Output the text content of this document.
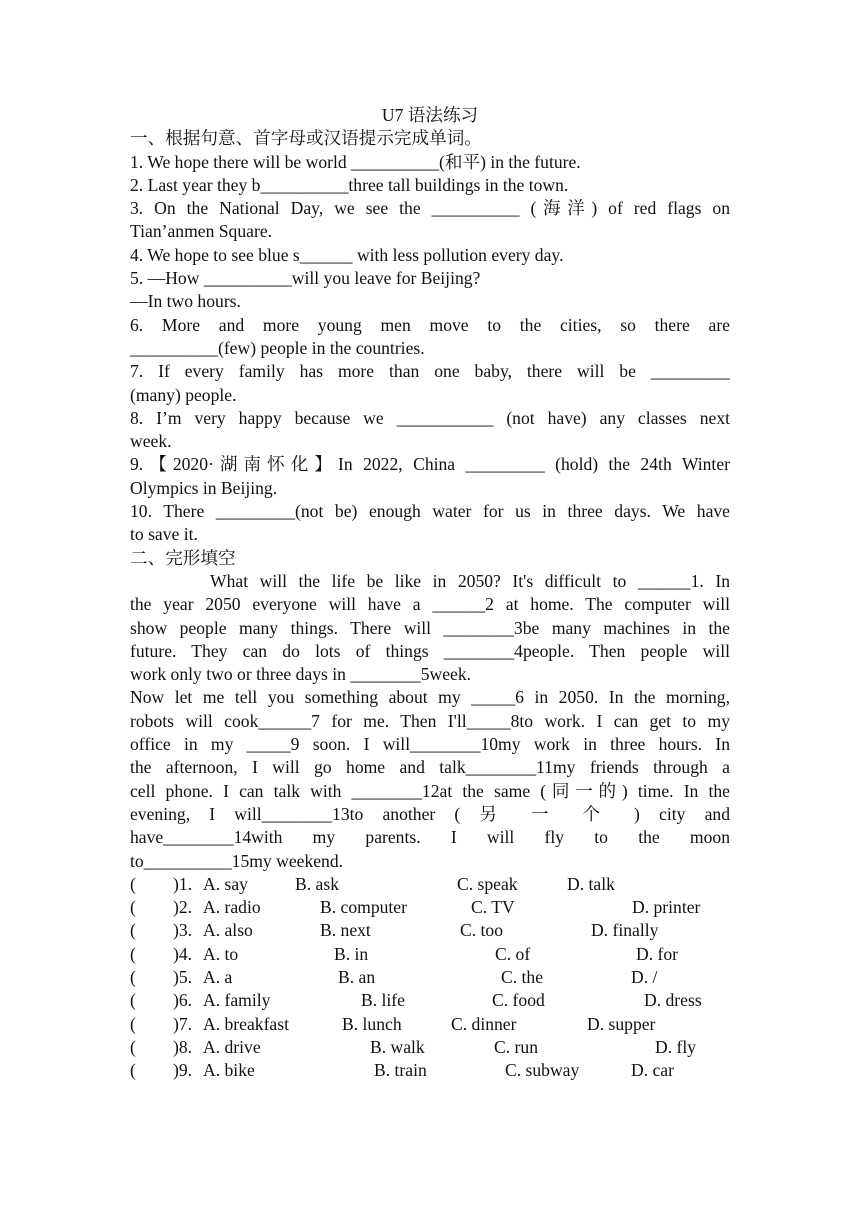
U7 语法练习
一、根据句意、首字母或汉语提示完成单词。

1. We hope there will be world __________(和平) in the future.

2. Last year they b__________three tall buildings in the town.

3. On the National Day, we see the __________ (海洋) of red flags on

Tian’anmen Square.

4. We hope to see blue s______ with less pollution every day.

5. —How __________will you leave for Beijing?

—In two hours.

6. More and more young men move to the cities, so there are

__________(few) people in the countries.

7. If every family has more than one baby, there will be _________

(many) people.

8. I’m very happy because we ___________ (not have) any classes next

week.

9.【2020·湖南怀化】In 2022, China _________ (hold) the 24th Winter

Olympics in Beijing.

10. There _________(not be) enough water for us in three days. We have

to save it.

二、完形填空

What will the life be like in 2050? It's difficult to ______1. In

the year 2050 everyone will have a ______2 at home. The computer will

show people many things. There will ________3be many machines in the

future. They can do lots of things ________4people. Then people will

work only two or three days in ________5week.

Now let me tell you something about my _____6 in 2050. In the morning,

robots will cook______7 for me. Then I'll_____8to work. I can get to my

office in my _____9 soon. I will________10my work in three hours. In

the afternoon, I will go home and talk________11my friends through a

cell phone. I can talk with ________12at the same (同一的) time. In the

evening, I will________13to another ( 另 一 个 ) city and

have________14with my parents. I will fly to the moon

to__________15my weekend.

( )1. A. say	B. ask	C. speak	D. talk
( )2. A. radio	B. computer	C. TV	D. printer
( )3. A. also	B. next	C. too	D. finally
( )4. A. to	B. in	C. of	D. for
( )5. A. a	B. an	C. the	D. /
( )6. A. family	B. life	C. food	D. dress
( )7. A. breakfast	B. lunch	C. dinner	D. supper
( )8. A. drive	B. walk	C. run	D. fly
( )9. A. bike	B. train	C. subway	D. car
